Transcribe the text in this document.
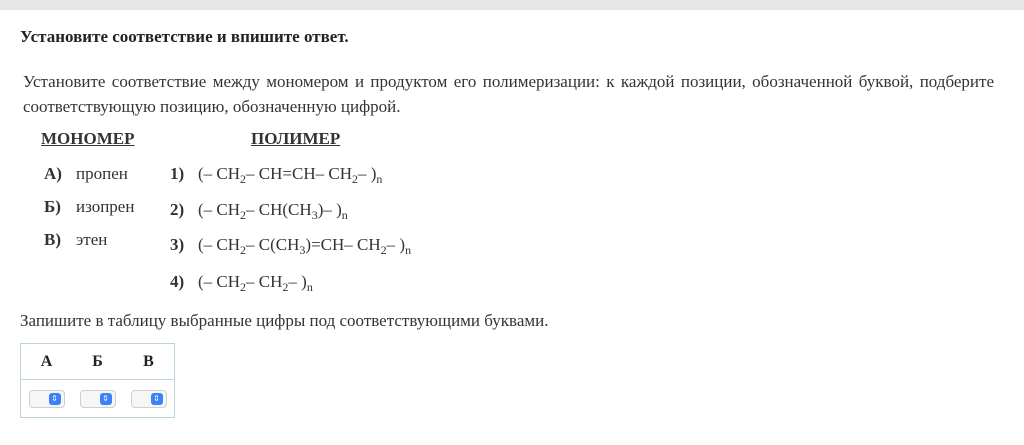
Установите соответствие и впишите ответ.
Установите соответствие между мономером и продуктом его полимеризации: к каждой позиции, обозначенной буквой, подберите соответствующую позицию, обозначенную цифрой.
МОНОМЕР	ПОЛИМЕР
А) пропен
Б) изопрен
В) этен
1) (– $CH_2-$ CH=CH– $CH_2-$ )$_n$
2) (– $CH_2-$ $CH(CH_3)-$ )$_n$
3) (– $CH_2-$ $C(CH_3)=CH-$ $CH_2-$ )$_n$
4) (– $CH_2-$ $CH_2-$ )$_n$
Запишите в таблицу выбранные цифры под соответствующими буквами.
А	Б	В
⇕	⇕	⇕
